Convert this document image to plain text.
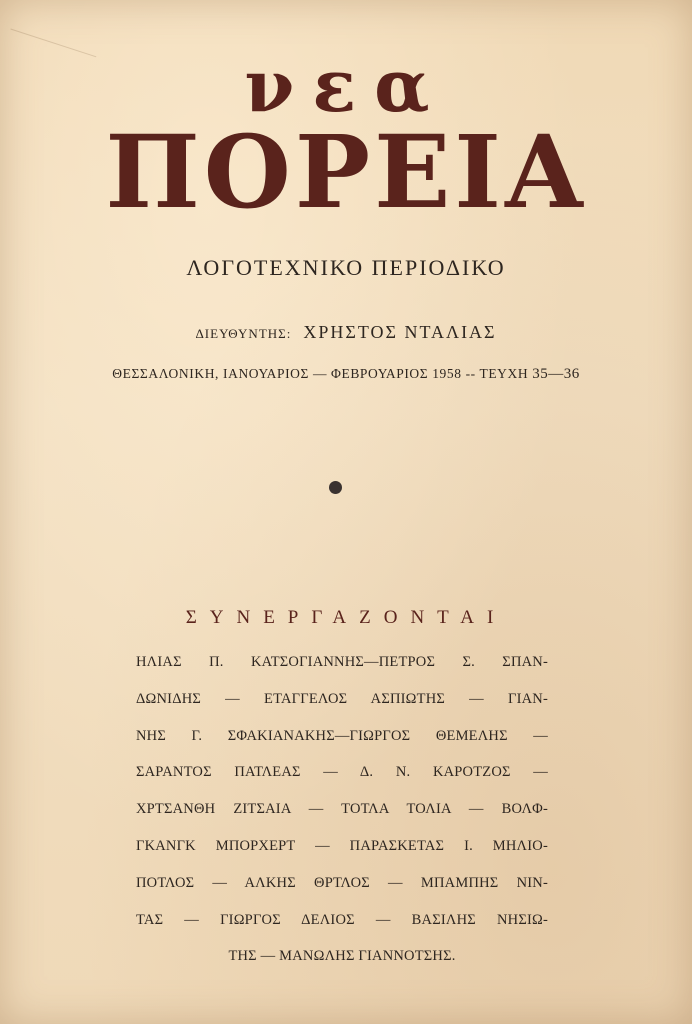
νεα
ΠΟΡΕΙΑ
ΛΟΓΟΤΕΧΝΙΚΟ ΠΕΡΙΟΔΙΚΟ
ΔΙΕΥΘΥΝΤΗΣ: ΧΡΗΣΤΟΣ ΝΤΑΛΙΑΣ
ΘΕΣΣΑΛΟΝΙΚΗ, ΙΑΝΟΥΑΡΙΟΣ — ΦΕΒΡΟΥΑΡΙΟΣ 1958 -- ΤΕΥΧΗ 35—36
ΣΥΝΕΡΓΑΖΟΝΤΑΙ
ΗΛΙΑΣ Π. ΚΑΤΣΟΓΙΑΝΝΗΣ—ΠΕΤΡΟΣ Σ. ΣΠΑΝ-
ΔΩΝΙΔΗΣ — ΕΤΑΓΓΕΛΟΣ ΑΣΠΙΩΤΗΣ — ΓΙΑΝ-
ΝΗΣ Γ. ΣΦΑΚΙΑΝΑΚΗΣ—ΓΙΩΡΓΟΣ ΘΕΜΕΛΗΣ —
ΣΑΡΑΝΤΟΣ ΠΑΤΛΕΑΣ — Δ. Ν. ΚΑΡΟΤΖΟΣ —
ΧΡΤΣΑΝΘΗ ΖΙΤΣΑΙΑ — ΤΟΤΛΑ ΤΟΛΙΑ — ΒΟΛΦ-
ΓΚΑΝΓΚ ΜΠΟΡΧΕΡΤ — ΠΑΡΑΣΚΕΤΑΣ Ι. ΜΗΛΙΟ-
ΠΟΤΛΟΣ — ΑΛΚΗΣ ΘΡΤΛΟΣ — ΜΠΑΜΠΗΣ ΝΙΝ-
ΤΑΣ — ΓΙΩΡΓΟΣ ΔΕΛΙΟΣ — ΒΑΣΙΛΗΣ ΝΗΣΙΩ-
ΤΗΣ — ΜΑΝΩΛΗΣ ΓΙΑΝΝΟΤΣΗΣ.
